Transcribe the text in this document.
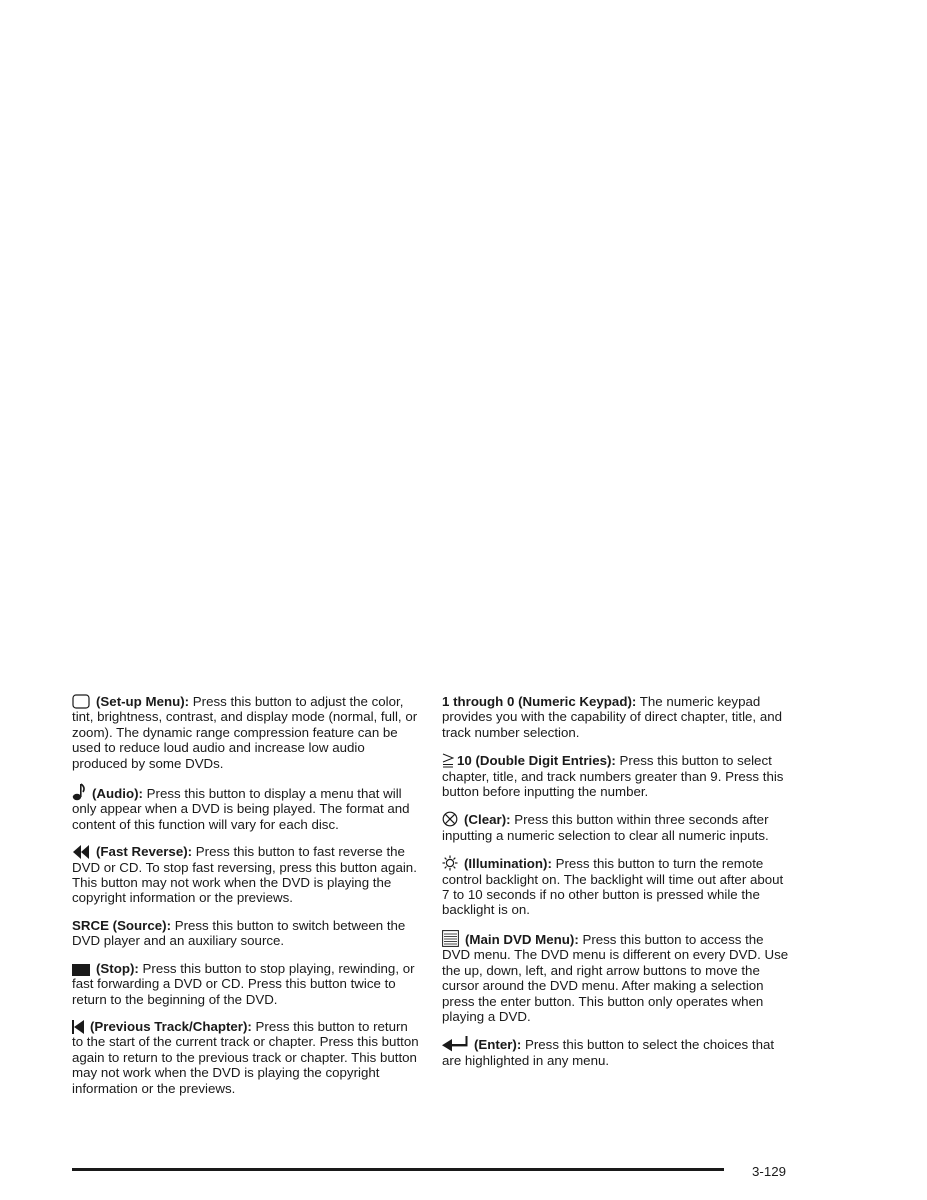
(Set-up Menu): Press this button to adjust the color, tint, brightness, contrast, and display mode (normal, full, or zoom). The dynamic range compression feature can be used to reduce loud audio and increase low audio produced by some DVDs.

(Audio): Press this button to display a menu that will only appear when a DVD is being played. The format and content of this function will vary for each disc.

(Fast Reverse): Press this button to fast reverse the DVD or CD. To stop fast reversing, press this button again. This button may not work when the DVD is playing the copyright information or the previews.

SRCE (Source): Press this button to switch between the DVD player and an auxiliary source.

(Stop): Press this button to stop playing, rewinding, or fast forwarding a DVD or CD. Press this button twice to return to the beginning of the DVD.

(Previous Track/Chapter): Press this button to return to the start of the current track or chapter. Press this button again to return to the previous track or chapter. This button may not work when the DVD is playing the copyright information or the previews.

1 through 0 (Numeric Keypad): The numeric keypad provides you with the capability of direct chapter, title, and track number selection.

10 (Double Digit Entries): Press this button to select chapter, title, and track numbers greater than 9. Press this button before inputting the number.

(Clear): Press this button within three seconds after inputting a numeric selection to clear all numeric inputs.

(Illumination): Press this button to turn the remote control backlight on. The backlight will time out after about 7 to 10 seconds if no other button is pressed while the backlight is on.

(Main DVD Menu): Press this button to access the DVD menu. The DVD menu is different on every DVD. Use the up, down, left, and right arrow buttons to move the cursor around the DVD menu. After making a selection press the enter button. This button only operates when playing a DVD.

(Enter): Press this button to select the choices that are highlighted in any menu.

3-129
